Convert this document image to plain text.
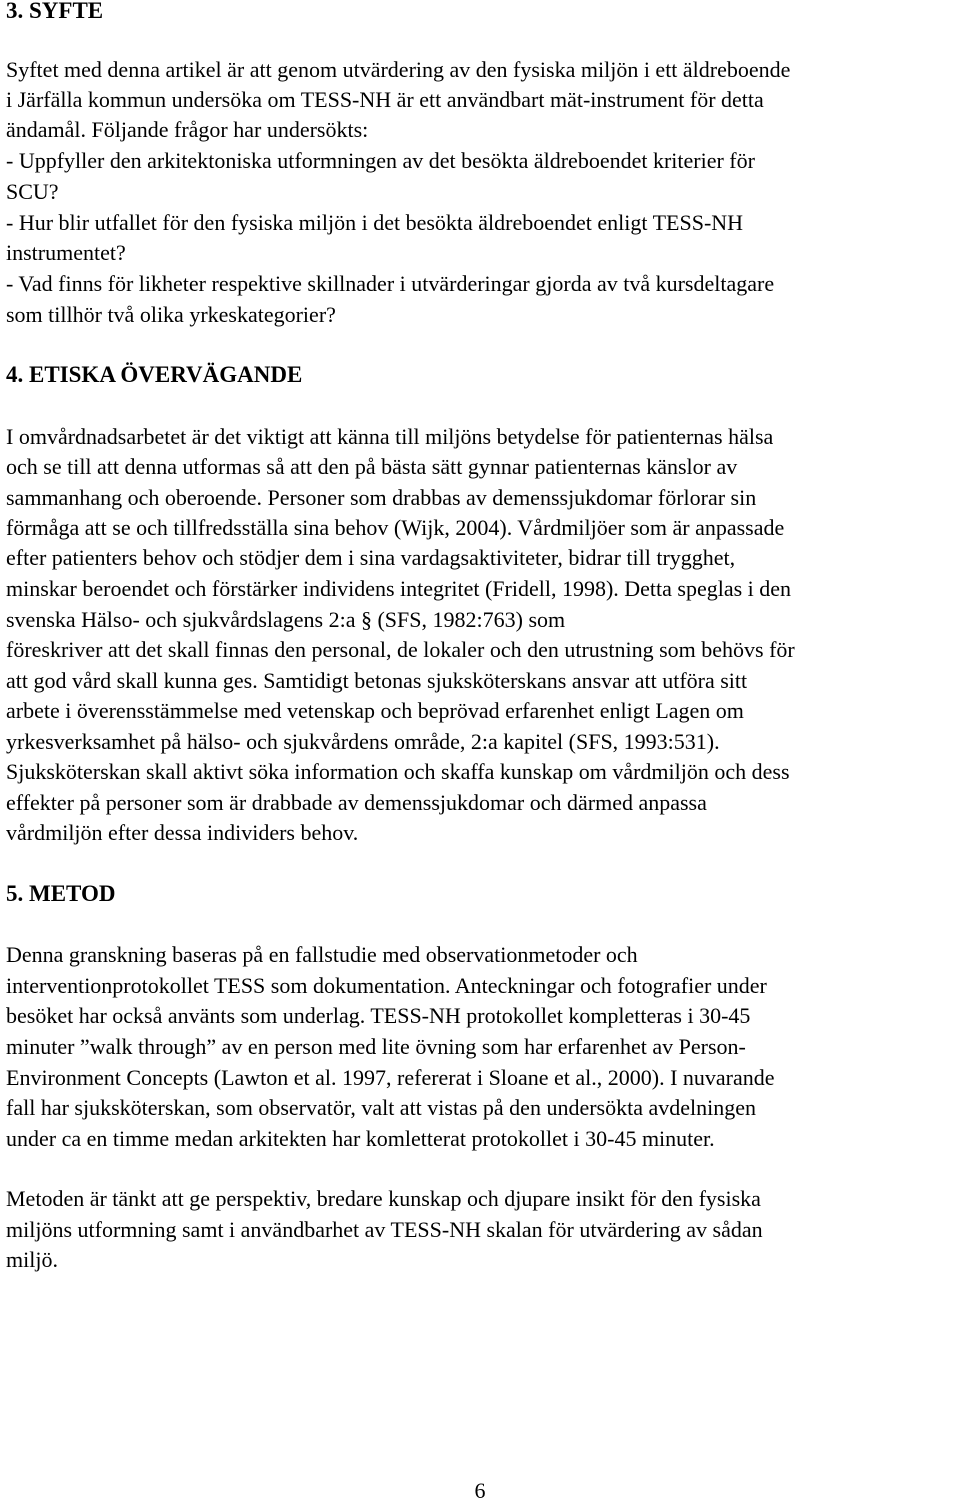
3. SYFTE

Syftet med denna artikel är att genom utvärdering av den fysiska miljön i ett äldreboende

i Järfälla kommun undersöka om TESS-NH är ett användbart mät-instrument för detta

ändamål. Följande frågor har undersökts:

- Uppfyller den arkitektoniska utformningen av det besökta äldreboendet kriterier för

SCU?

- Hur blir utfallet för den fysiska miljön i det besökta äldreboendet enligt TESS-NH

instrumentet?

- Vad finns för likheter respektive skillnader i utvärderingar gjorda av två kursdeltagare

som tillhör två olika yrkeskategorier?

4. ETISKA ÖVERVÄGANDE

I omvårdnadsarbetet är det viktigt att känna till miljöns betydelse för patienternas hälsa

och se till att denna utformas så att den på bästa sätt gynnar patienternas känslor av

sammanhang och oberoende. Personer som drabbas av demenssjukdomar förlorar sin

förmåga att se och tillfredsställa sina behov (Wijk, 2004). Vårdmiljöer som är anpassade

efter patienters behov och stödjer dem i sina vardagsaktiviteter, bidrar till trygghet,

minskar beroendet och förstärker individens integritet (Fridell, 1998). Detta speglas i den

svenska Hälso- och sjukvårdslagens 2:a § (SFS, 1982:763) som

föreskriver att det skall finnas den personal, de lokaler och den utrustning som behövs för

att god vård skall kunna ges. Samtidigt betonas sjuksköterskans ansvar att utföra sitt

arbete i överensstämmelse med vetenskap och beprövad erfarenhet enligt Lagen om

yrkesverksamhet på hälso- och sjukvårdens område, 2:a kapitel (SFS, 1993:531).

Sjuksköterskan skall aktivt söka information och skaffa kunskap om vårdmiljön och dess

effekter på personer som är drabbade av demenssjukdomar och därmed anpassa

vårdmiljön efter dessa individers behov.

5. METOD

Denna granskning baseras på en fallstudie med observationmetoder och

interventionprotokollet TESS som dokumentation. Anteckningar och fotografier under

besöket har också använts som underlag. TESS-NH protokollet kompletteras i 30-45

minuter ”walk through” av en person med lite övning som har erfarenhet av Person-

Environment Concepts (Lawton et al. 1997, refererat i Sloane et al., 2000). I nuvarande

fall har sjuksköterskan, som observatör, valt att vistas på den undersökta avdelningen

under ca en timme medan arkitekten har komletterat protokollet i 30-45 minuter.

Metoden är tänkt att ge perspektiv, bredare kunskap och djupare insikt för den fysiska

miljöns utformning samt i användbarhet av TESS-NH skalan för utvärdering av sådan

miljö.

6
